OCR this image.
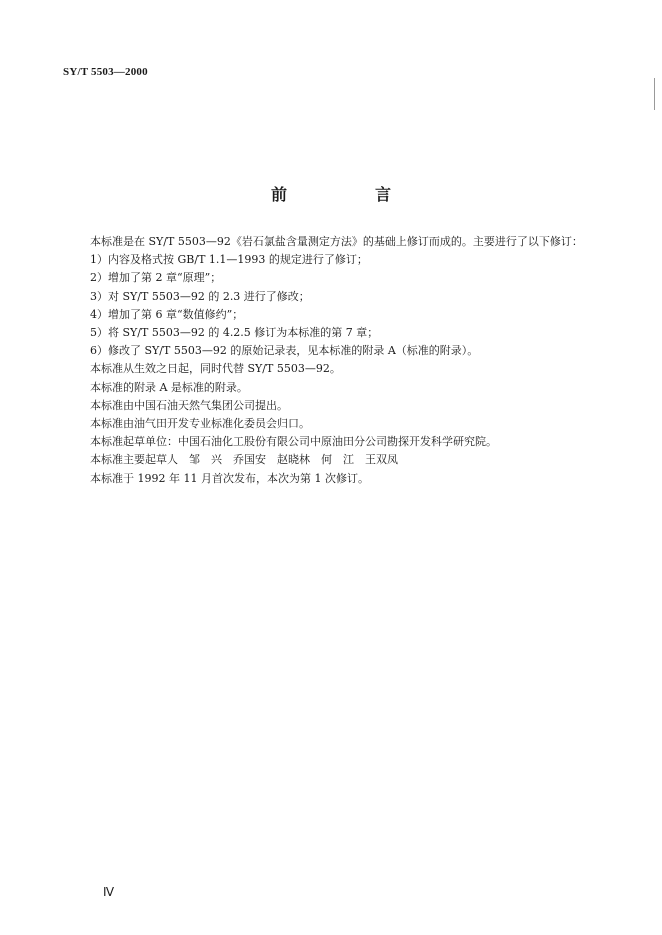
SY/T 5503—2000
前　言

本标准是在 SY/T 5503—92《岩石氯盐含量测定方法》的基础上修订而成的。主要进行了以下修订：

1）内容及格式按 GB/T 1.1—1993 的规定进行了修订；

2）增加了第 2 章“原理”；

3）对 SY/T 5503—92 的 2.3 进行了修改；

4）增加了第 6 章“数值修约”；

5）将 SY/T 5503—92 的 4.2.5 修订为本标准的第 7 章；

6）修改了 SY/T 5503—92 的原始记录表，见本标准的附录 A（标准的附录）。

本标准从生效之日起，同时代替 SY/T 5503—92。

本标准的附录 A 是标准的附录。

本标准由中国石油天然气集团公司提出。

本标准由油气田开发专业标准化委员会归口。

本标准起草单位：中国石油化工股份有限公司中原油田分公司勘探开发科学研究院。

本标准主要起草人　邹　兴　乔国安　赵晓林　何　江　王双凤

本标准于 1992 年 11 月首次发布，本次为第 1 次修订。

Ⅳ
